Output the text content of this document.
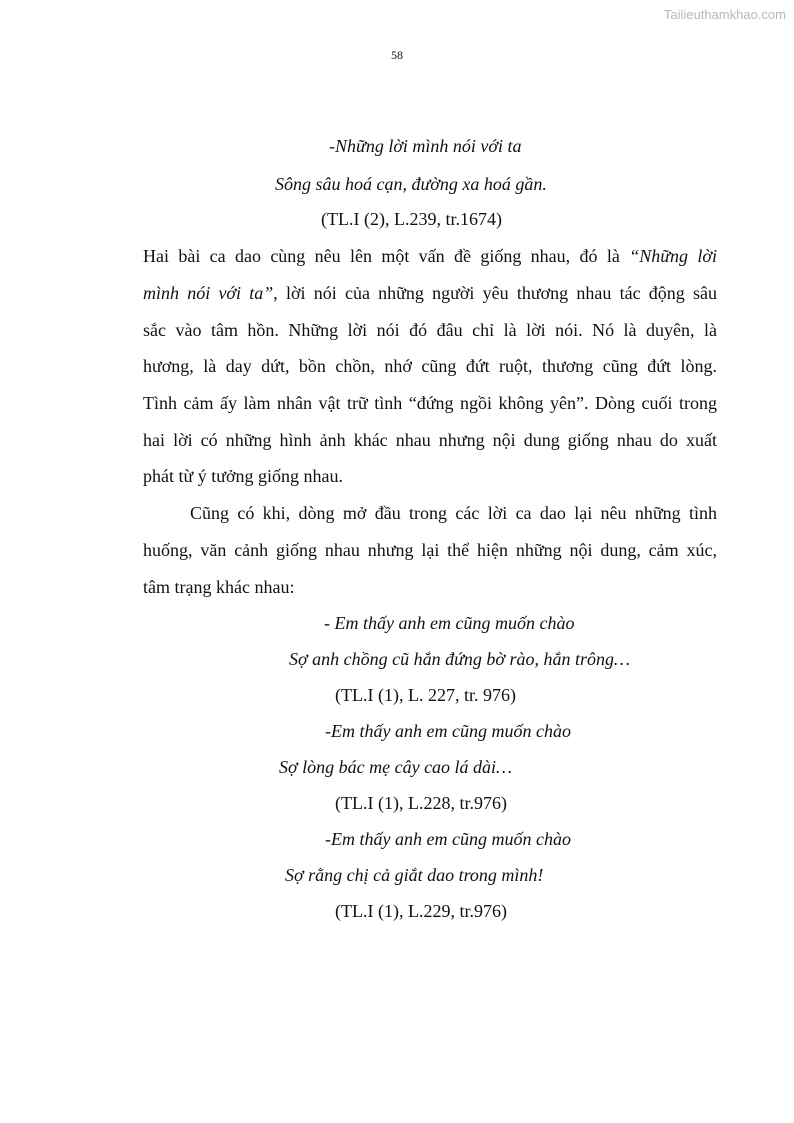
Tailieuthamkhao.com
58
-Những lời mình nói với ta
Sông sâu hoá cạn, đường xa hoá gần.
(TL.I (2), L.239, tr.1674)
Hai bài ca dao cùng nêu lên một vấn đề giống nhau, đó là “Những lời
mình nói với ta”, lời nói của những người yêu thương nhau tác động sâu
sắc vào tâm hồn. Những lời nói đó đâu chỉ là lời nói. Nó là duyên, là
hương, là day dứt, bồn chồn, nhớ cũng đứt ruột, thương cũng đứt lòng.
Tình cảm ấy làm nhân vật trữ tình “đứng ngồi không yên”. Dòng cuối trong
hai lời có những hình ảnh khác nhau nhưng nội dung giống nhau do xuất
phát từ ý tưởng giống nhau.
Cũng có khi, dòng mở đầu trong các lời ca dao lại nêu những tình
huống, văn cảnh giống nhau nhưng lại thể hiện những nội dung, cảm xúc,
tâm trạng khác nhau:
- Em thấy anh em cũng muốn chào
Sợ anh chồng cũ hắn đứng bờ rào, hắn trông…
(TL.I (1), L. 227, tr. 976)
-Em thấy anh em cũng muốn chào
Sợ lòng bác mẹ cây cao lá dài…
(TL.I (1), L.228, tr.976)
-Em thấy anh em cũng muốn chào
Sợ rằng chị cả giắt dao trong mình!
(TL.I (1), L.229, tr.976)
